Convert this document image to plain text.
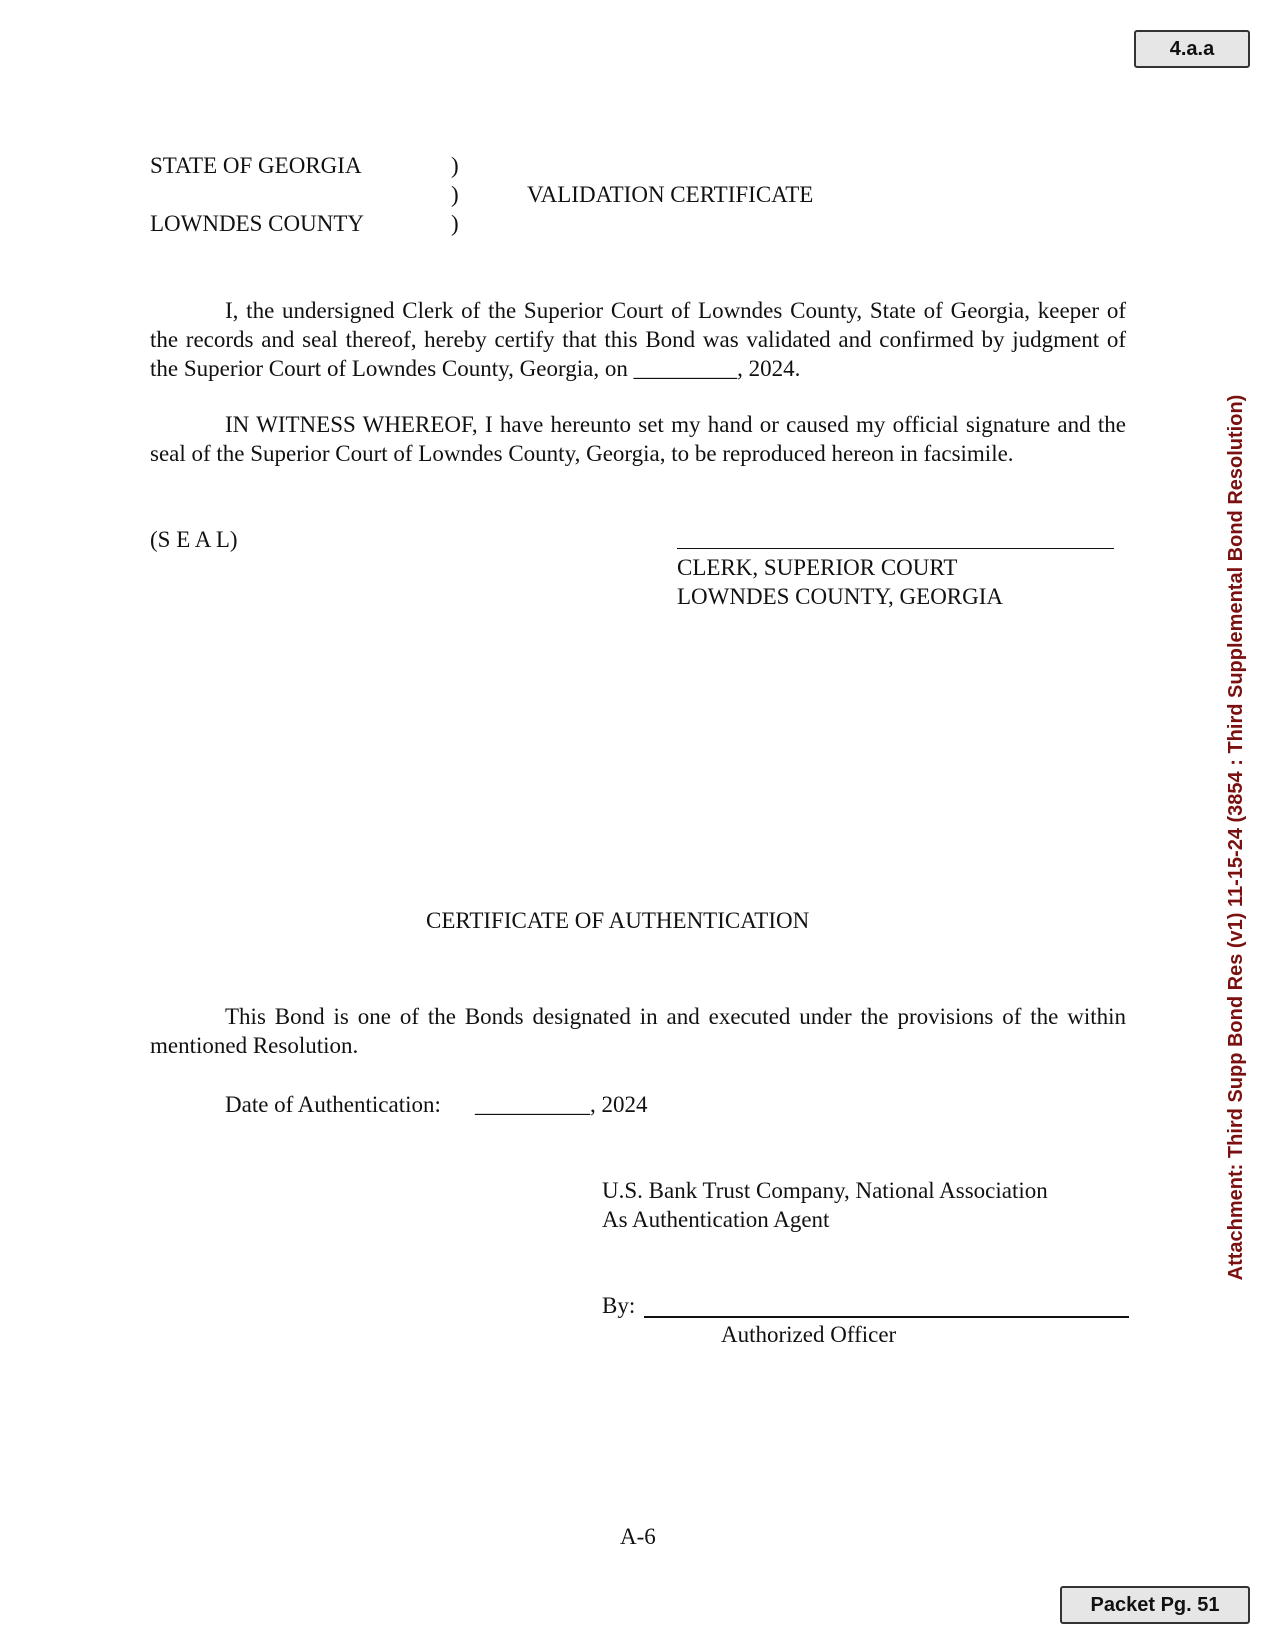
4.a.a
STATE OF GEORGIA	)
)
)
LOWNDES COUNTY
VALIDATION CERTIFICATE
I, the undersigned Clerk of the Superior Court of Lowndes County, State of Georgia, keeper of the records and seal thereof, hereby certify that this Bond was validated and confirmed by judgment of the Superior Court of Lowndes County, Georgia, on _________, 2024.
IN WITNESS WHEREOF, I have hereunto set my hand or caused my official signature and the seal of the Superior Court of Lowndes County, Georgia, to be reproduced hereon in facsimile.
(S E A L)
CLERK, SUPERIOR COURT
LOWNDES COUNTY, GEORGIA
CERTIFICATE OF AUTHENTICATION
This Bond is one of the Bonds designated in and executed under the provisions of the within mentioned Resolution.
Date of Authentication: __________, 2024
U.S. Bank Trust Company, National Association
As Authentication Agent
By:
Authorized Officer
A-6
Packet Pg. 51
Attachment: Third Supp Bond Res (v1) 11-15-24 (3854 : Third Supplemental Bond Resolution)
